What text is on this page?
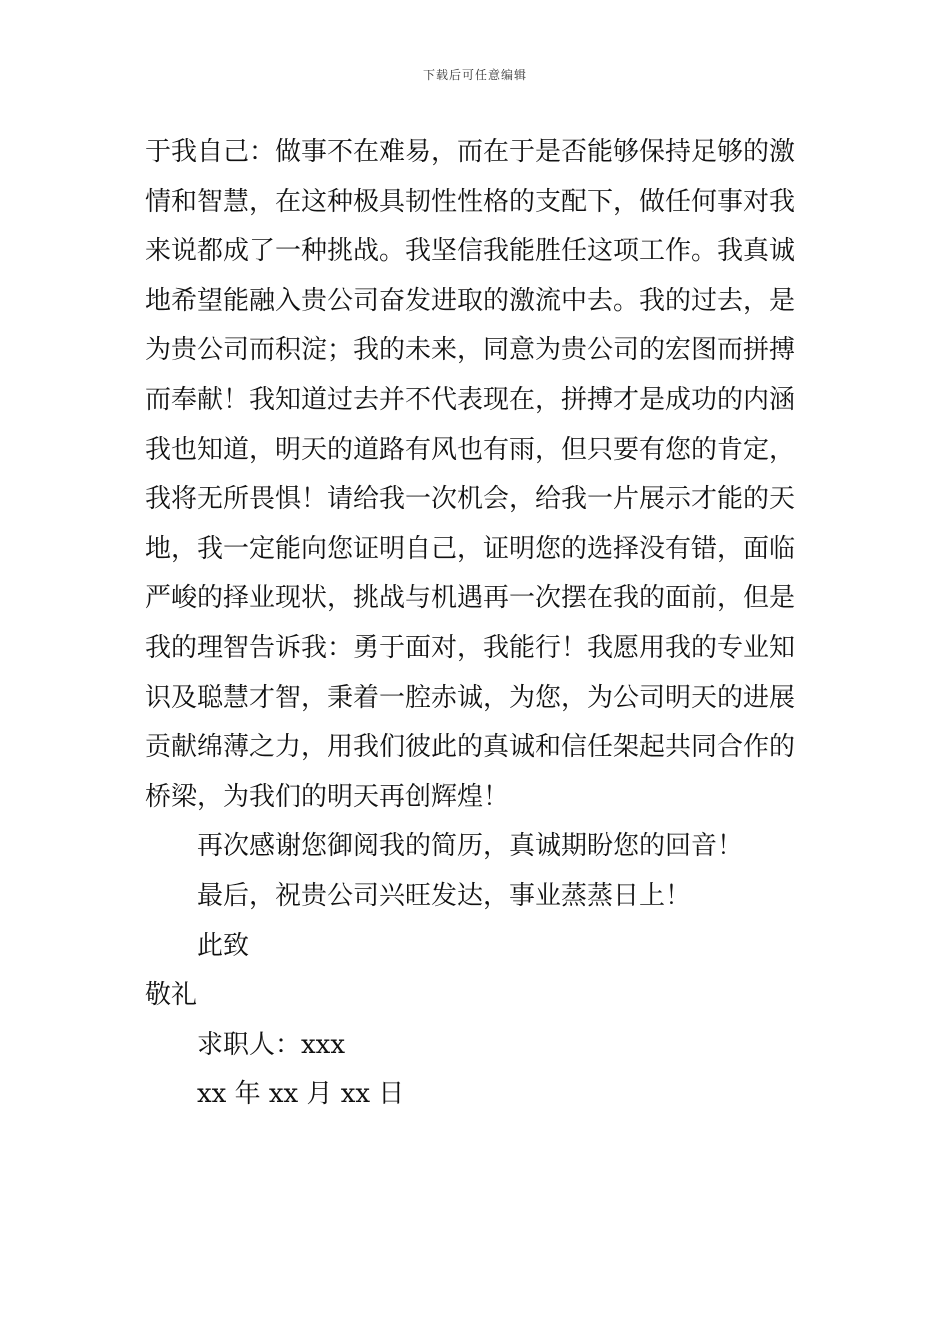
下载后可任意编辑
于我自己：做事不在难易，而在于是否能够保持足够的激
情和智慧，在这种极具韧性性格的支配下，做任何事对我
来说都成了一种挑战。我坚信我能胜任这项工作。我真诚
地希望能融入贵公司奋发进取的激流中去。我的过去，是
为贵公司而积淀；我的未来，同意为贵公司的宏图而拼搏
而奉献！我知道过去并不代表现在，拼搏才是成功的内涵
我也知道，明天的道路有风也有雨，但只要有您的肯定，
我将无所畏惧！请给我一次机会，给我一片展示才能的天
地，我一定能向您证明自己，证明您的选择没有错，面临
严峻的择业现状，挑战与机遇再一次摆在我的面前，但是
我的理智告诉我：勇于面对，我能行！我愿用我的专业知
识及聪慧才智，秉着一腔赤诚，为您，为公司明天的进展
贡献绵薄之力，用我们彼此的真诚和信任架起共同合作的
桥梁，为我们的明天再创辉煌！
再次感谢您御阅我的简历，真诚期盼您的回音！
最后，祝贵公司兴旺发达，事业蒸蒸日上！
此致
敬礼
求职人：xxx
xx 年 xx 月 xx 日
